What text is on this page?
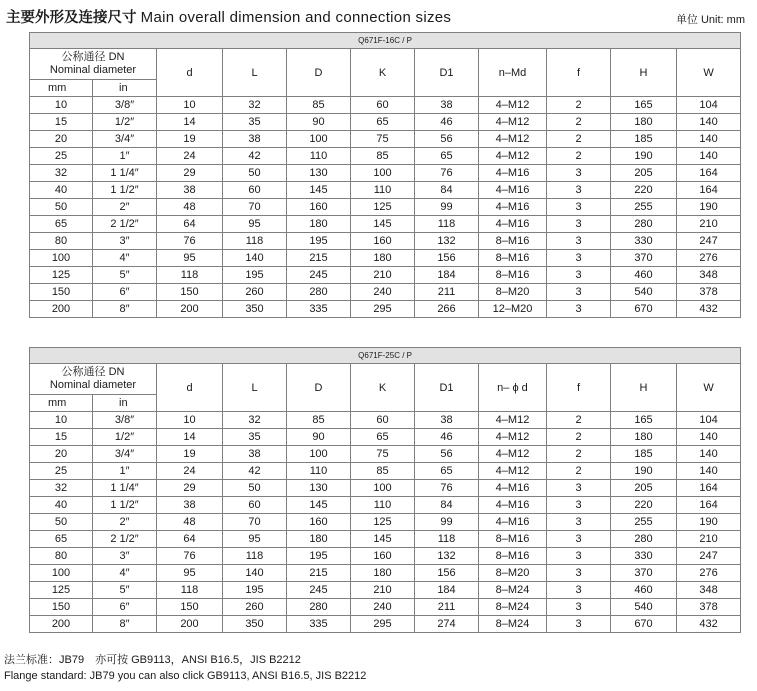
主要外形及连接尺寸 Main overall dimension and connection sizes	单位 Unit: mm
Q671F-16C / P										

公称通径 DN
Nominal diameter		d	L	D	K	D1	n–Md	f	H	W
mm	in									
10	3/8″	10	32	85	60	38	4–M12	2	165	104
15	1/2″	14	35	90	65	46	4–M12	2	180	140
20	3/4″	19	38	100	75	56	4–M12	2	185	140
25	1″	24	42	110	85	65	4–M12	2	190	140
32	1 1/4″	29	50	130	100	76	4–M16	3	205	164
40	1 1/2″	38	60	145	110	84	4–M16	3	220	164
50	2″	48	70	160	125	99	4–M16	3	255	190
65	2 1/2″	64	95	180	145	118	4–M16	3	280	210
80	3″	76	118	195	160	132	8–M16	3	330	247
100	4″	95	140	215	180	156	8–M16	3	370	276
125	5″	118	195	245	210	184	8–M16	3	460	348
150	6″	150	260	280	240	211	8–M20	3	540	378
200	8″	200	350	335	295	266	12–M20	3	670	432
Q671F-25C / P										

公称通径 DN
Nominal diameter		d	L	D	K	D1	n– ϕ d	f	H	W
mm	in									
10	3/8″	10	32	85	60	38	4–M12	2	165	104
15	1/2″	14	35	90	65	46	4–M12	2	180	140
20	3/4″	19	38	100	75	56	4–M12	2	185	140
25	1″	24	42	110	85	65	4–M12	2	190	140
32	1 1/4″	29	50	130	100	76	4–M16	3	205	164
40	1 1/2″	38	60	145	110	84	4–M16	3	220	164
50	2″	48	70	160	125	99	4–M16	3	255	190
65	2 1/2″	64	95	180	145	118	8–M16	3	280	210
80	3″	76	118	195	160	132	8–M16	3	330	247
100	4″	95	140	215	180	156	8–M20	3	370	276
125	5″	118	195	245	210	184	8–M24	3	460	348
150	6″	150	260	280	240	211	8–M24	3	540	378
200	8″	200	350	335	295	274	8–M24	3	670	432
法兰标准：JB79　亦可按 GB9113，ANSI B16.5，JIS B2212
Flange standard: JB79 you can also click GB9113, ANSI B16.5, JIS B2212
